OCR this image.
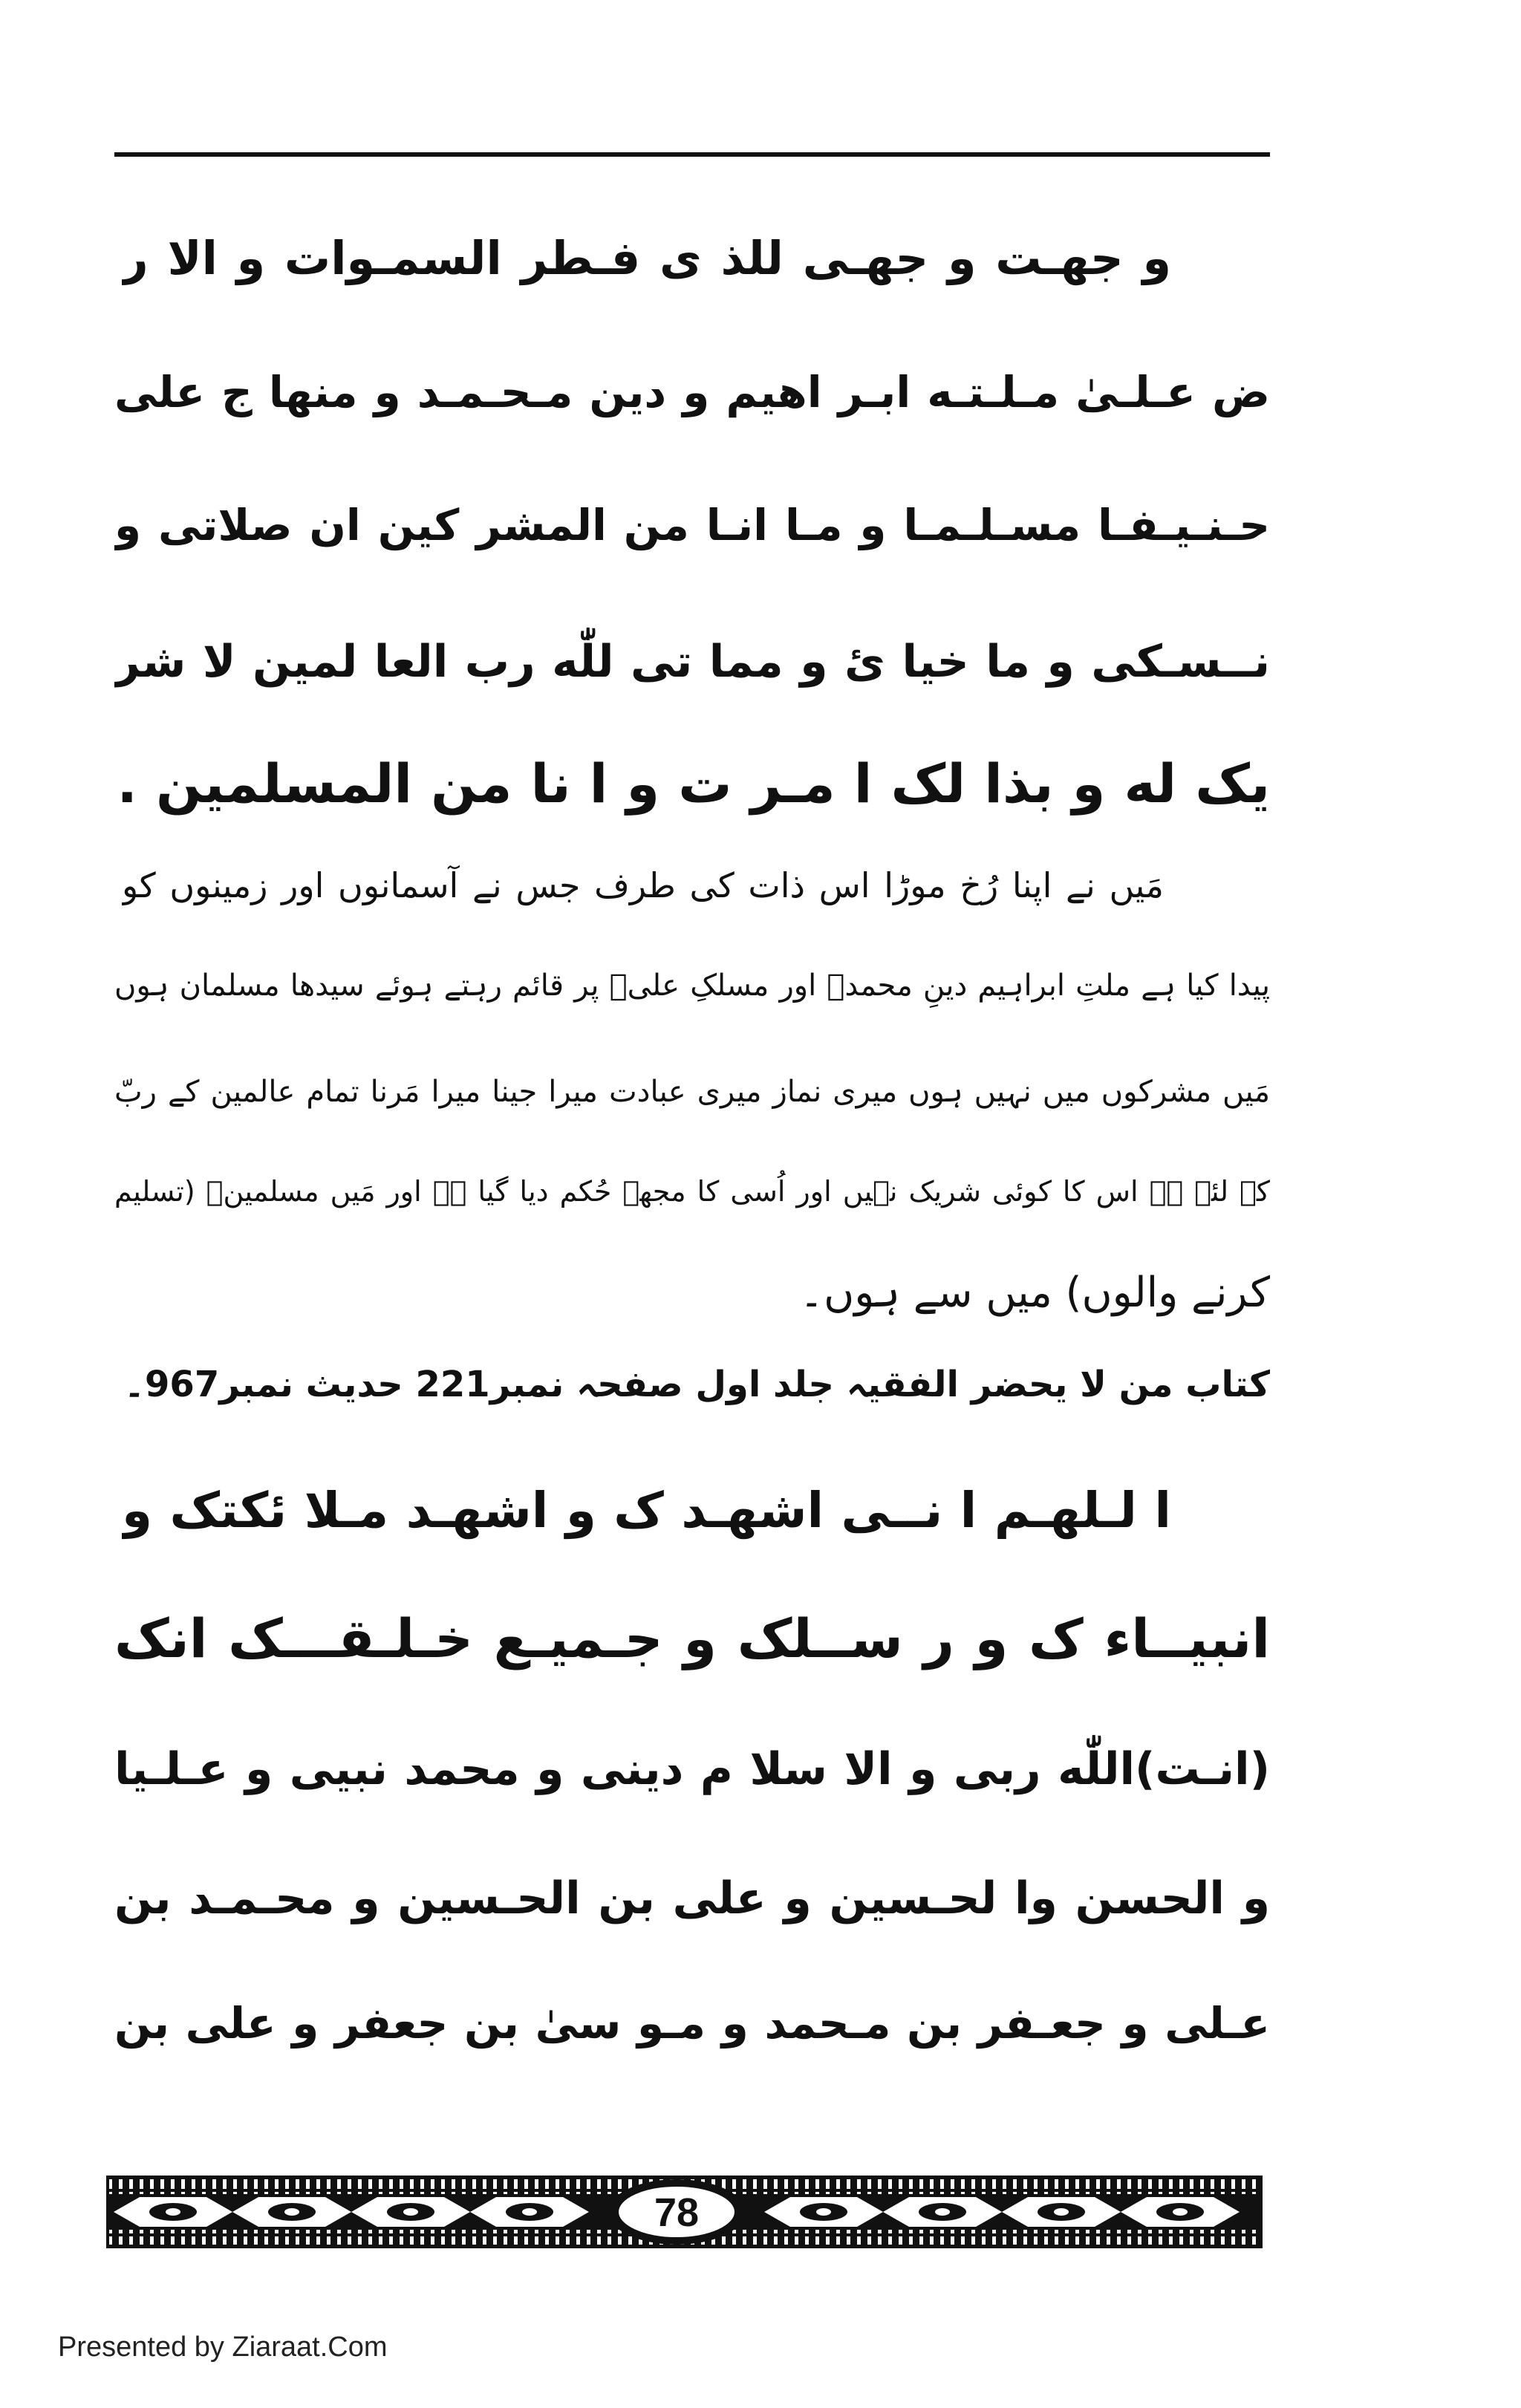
و جهـت و جهـی للذ ی فـطر السمـوات و الا ر
ض عـلـیٰ مـلـتـه ابـر اهيم و دين مـحـمـد و منها ج علی
حـنـيـفـا مسـلـمـا و مـا انـا من المشر كين ان صلاتی و
نــسـكی و ما خيا یٔ و مما تی للّٰه رب العا لمين لا شر
يک له و بذا لک ا مـر ت و ا نا من المسلمين .
مَیں نے اپنا رُخ موڑا اس ذات کی طرف جس نے آسمانوں اور زمینوں کو
پیدا کیا ہے ملتِ ابراہیم دینِ محمدؐ اور مسلکِ علیؑ پر قائم رہتے ہوئے سیدھا مسلمان ہوں
مَیں مشرکوں میں نہیں ہوں میری نماز میری عبادت میرا جینا میرا مَرنا تمام عالمین کے ربّ
کے لئے ہے اس کا کوئی شریک نہیں اور اُسی کا مجھے حُکم دیا گیا ہے اور مَیں مسلمینؑ (تسلیم
کرنے والوں) میں سے ہوں۔
کتاب من لا یحضر الفقیہ جلد اول صفحہ نمبر221 حدیث نمبر967۔
ا لـلهـم ا نــی اشهـد ک و اشهـد مـلا ئکتک و
انبيــاء ک و ر ســلک و جـميـع خـلـقـــک انک
(انـت)اللّٰه ربی و الا سلا م دينی و محمد نبيی و عـلـيا
و الحسن وا لحـسين و علی بن الحـسين و محـمـد بن
عـلی و جعـفر بن مـحمد و مـو سیٰ بن جعفر و علی بن
78
Presented by Ziaraat.Com
